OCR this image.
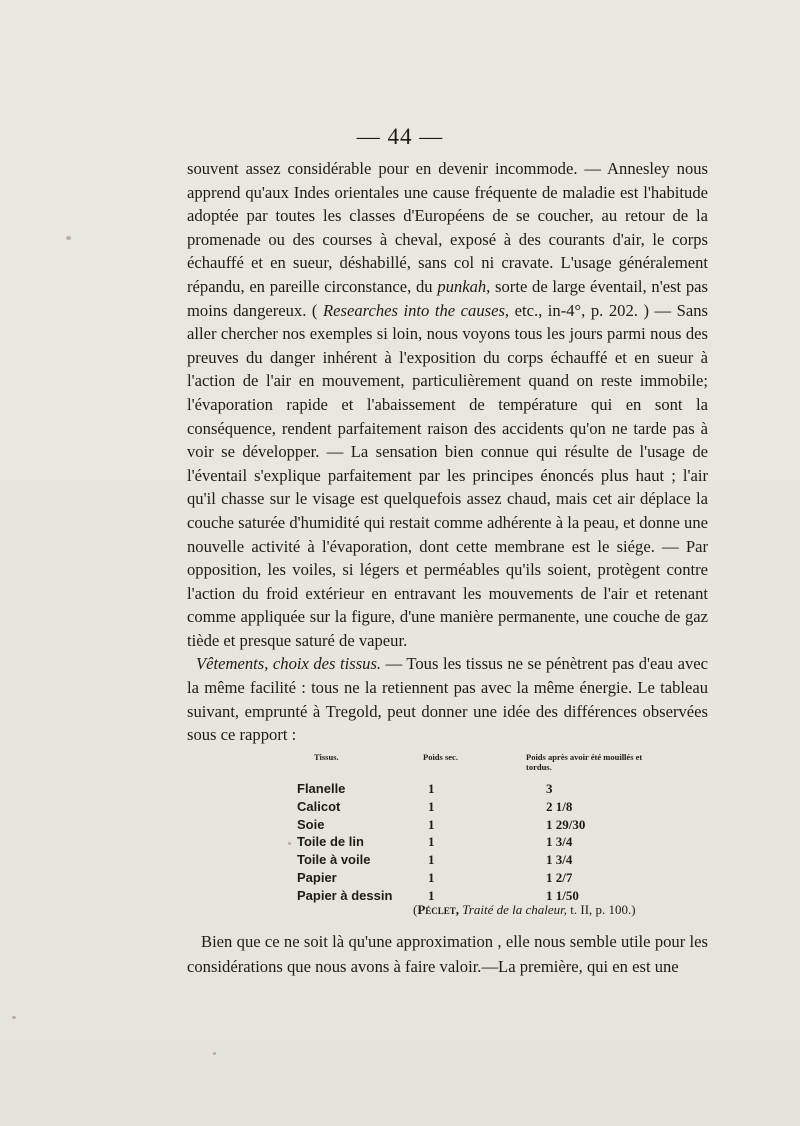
— 44 —

souvent assez considérable pour en devenir incommode. — Annesley nous apprend qu'aux Indes orientales une cause fréquente de maladie est l'habitude adoptée par toutes les classes d'Européens de se coucher, au retour de la promenade ou des courses à cheval, exposé à des courants d'air, le corps échauffé et en sueur, déshabillé, sans col ni cravate. L'usage généralement répandu, en pareille circonstance, du punkah, sorte de large éventail, n'est pas moins dangereux. ( Researches into the causes, etc., in-4°, p. 202. ) — Sans aller chercher nos exemples si loin, nous voyons tous les jours parmi nous des preuves du danger inhérent à l'exposition du corps échauffé et en sueur à l'action de l'air en mouvement, particulièrement quand on reste immobile; l'évaporation rapide et l'abaissement de température qui en sont la conséquence, rendent parfaitement raison des accidents qu'on ne tarde pas à voir se développer. — La sensation bien connue qui résulte de l'usage de l'éventail s'explique parfaitement par les principes énoncés plus haut ; l'air qu'il chasse sur le visage est quelquefois assez chaud, mais cet air déplace la couche saturée d'humidité qui restait comme adhérente à la peau, et donne une nouvelle activité à l'évaporation, dont cette membrane est le siége. — Par opposition, les voiles, si légers et perméables qu'ils soient, protègent contre l'action du froid extérieur en entravant les mouvements de l'air et retenant comme appliquée sur la figure, d'une manière permanente, une couche de gaz tiède et presque saturé de vapeur.

Vêtements, choix des tissus. — Tous les tissus ne se pénètrent pas d'eau avec la même facilité : tous ne la retiennent pas avec la même énergie. Le tableau suivant, emprunté à Tregold, peut donner une idée des différences observées sous ce rapport :

Tissus.	Poids sec.	Poids après avoir été mouillés et tordus.
Flanelle	1	3
Calicot	1	2 1/8
Soie	1	1 29/30
Toile de lin	1	1 3/4
Toile à voile	1	1 3/4
Papier	1	1 2/7
Papier à dessin	1	1 1/50
(Péclet, Traité de la chaleur, t. II, p. 100.)

Bien que ce ne soit là qu'une approximation , elle nous semble utile pour les considérations que nous avons à faire valoir.—La première, qui en est une
